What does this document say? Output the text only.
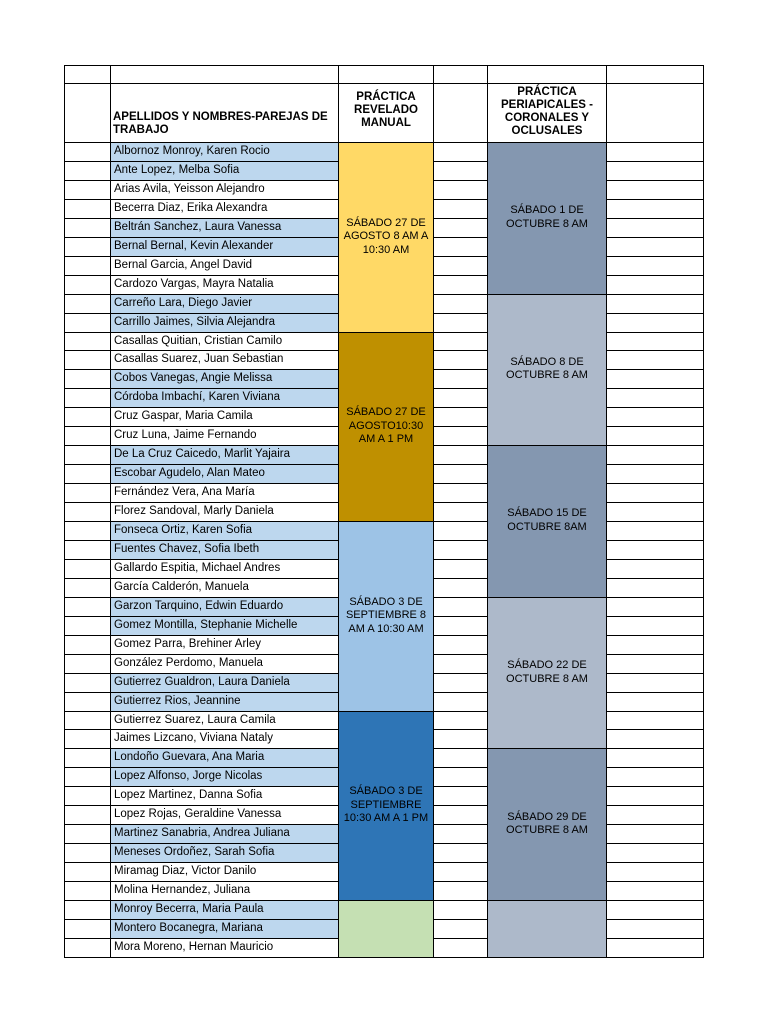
APELLIDOS Y NOMBRES-PAREJAS DE TRABAJO
PRÁCTICA REVELADO MANUAL
PRÁCTICA PERIAPICALES - CORONALES Y OCLUSALES
Albornoz Monroy, Karen Rocio
Ante Lopez, Melba Sofia
Arias Avila, Yeisson Alejandro
Becerra Diaz, Erika Alexandra
Beltrán Sanchez, Laura Vanessa
Bernal Bernal, Kevin Alexander
Bernal Garcia, Angel David
Cardozo Vargas, Mayra Natalia
Carreño Lara, Diego Javier
Carrillo Jaimes, Silvia Alejandra
Casallas Quitian, Cristian Camilo
Casallas Suarez, Juan Sebastian
Cobos Vanegas, Angie Melissa
Córdoba Imbachí, Karen Viviana
Cruz Gaspar, Maria Camila
Cruz Luna, Jaime Fernando
De La Cruz Caicedo, Marlit Yajaira
Escobar Agudelo, Alan Mateo
Fernández Vera, Ana María
Florez Sandoval, Marly Daniela
Fonseca Ortiz, Karen Sofia
Fuentes Chavez, Sofia Ibeth
Gallardo Espitia, Michael Andres
García Calderón, Manuela
Garzon Tarquino, Edwin Eduardo
Gomez Montilla, Stephanie Michelle
Gomez Parra, Brehiner Arley
González Perdomo, Manuela
Gutierrez Gualdron, Laura Daniela
Gutierrez Rios, Jeannine
Gutierrez Suarez, Laura Camila
Jaimes Lizcano, Viviana Nataly
Londoño Guevara, Ana Maria
Lopez Alfonso, Jorge Nicolas
Lopez Martinez, Danna Sofia
Lopez Rojas, Geraldine Vanessa
Martinez Sanabria, Andrea Juliana
Meneses Ordoñez, Sarah Sofia
Miramag Diaz, Victor Danilo
Molina Hernandez, Juliana
Monroy Becerra, Maria Paula
Montero Bocanegra, Mariana
Mora Moreno, Hernan Mauricio
SÁBADO 27 DE AGOSTO 8 AM A 10:30 AM
SÁBADO 27 DE AGOSTO10:30 AM A 1 PM
SÁBADO 3 DE SEPTIEMBRE 8 AM A 10:30 AM
SÁBADO 3 DE SEPTIEMBRE 10:30 AM A 1 PM
SÁBADO 1 DE OCTUBRE 8 AM
SÁBADO 8 DE OCTUBRE 8 AM
SÁBADO 15 DE OCTUBRE 8AM
SÁBADO 22 DE OCTUBRE 8 AM
SÁBADO 29 DE OCTUBRE 8 AM
